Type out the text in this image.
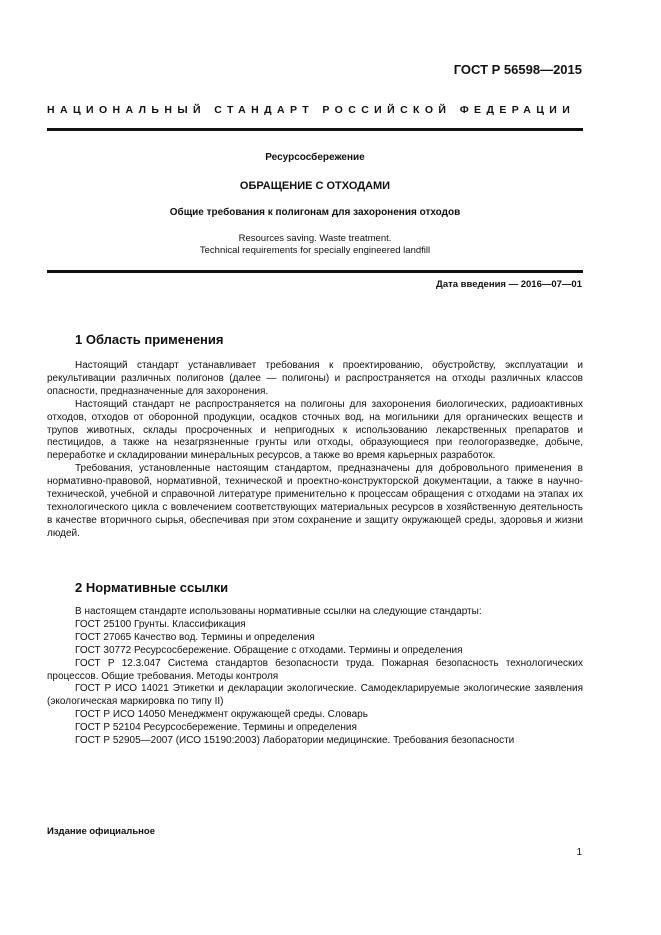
ГОСТ Р 56598—2015
НАЦИОНАЛЬНЫЙ СТАНДАРТ РОССИЙСКОЙ ФЕДЕРАЦИИ
Ресурсосбережение
ОБРАЩЕНИЕ С ОТХОДАМИ
Общие требования к полигонам для захоронения отходов
Resources saving. Waste treatment.
Technical requirements for specially engineered landfill
Дата введения — 2016—07—01
1 Область применения

Настоящий стандарт устанавливает требования к проектированию, обустройству, эксплуатации и рекультивации различных полигонов (далее — полигоны) и распространяется на отходы различных классов опасности, предназначенные для захоронения.

Настоящий стандарт не распространяется на полигоны для захоронения биологических, радиоактивных отходов, отходов от оборонной продукции, осадков сточных вод, на могильники для органических веществ и трупов животных, склады просроченных и непригодных к использованию лекарственных препаратов и пестицидов, а также на незагрязненные грунты или отходы, образующиеся при геологоразведке, добыче, переработке и складировании минеральных ресурсов, а также во время карьерных разработок.

Требования, установленные настоящим стандартом, предназначены для добровольного применения в нормативно-правовой, нормативной, технической и проектно-конструкторской документации, а также в научно-технической, учебной и справочной литературе применительно к процессам обращения с отходами на этапах их технологического цикла с вовлечением соответствующих материальных ресурсов в хозяйственную деятельность в качестве вторичного сырья, обеспечивая при этом сохранение и защиту окружающей среды, здоровья и жизни людей.

2 Нормативные ссылки

В настоящем стандарте использованы нормативные ссылки на следующие стандарты:

ГОСТ 25100 Грунты. Классификация

ГОСТ 27065 Качество вод. Термины и определения

ГОСТ 30772 Ресурсосбережение. Обращение с отходами. Термины и определения

ГОСТ Р 12.3.047 Система стандартов безопасности труда. Пожарная безопасность технологических процессов. Общие требования. Методы контроля

ГОСТ Р ИСО 14021 Этикетки и декларации экологические. Самодекларируемые экологические заявления (экологическая маркировка по типу II)

ГОСТ Р ИСО 14050 Менеджмент окружающей среды. Словарь

ГОСТ Р 52104 Ресурсосбережение. Термины и определения

ГОСТ Р 52905—2007 (ИСО 15190:2003) Лаборатории медицинские. Требования безопасности

Издание официальное
1
